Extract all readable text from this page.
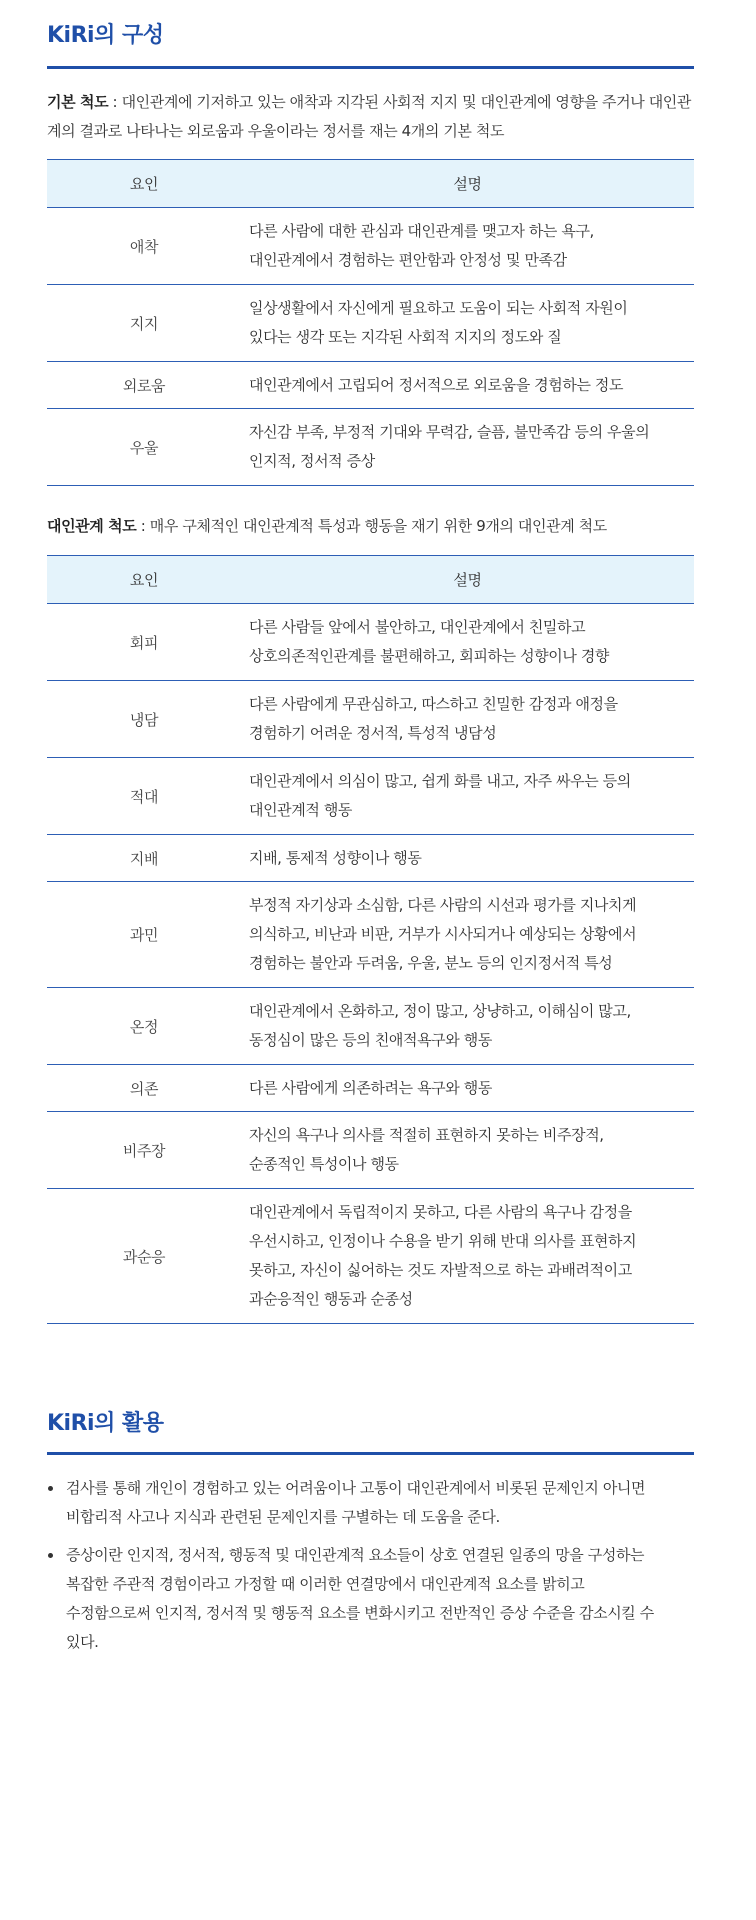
KiRi의 구성
기본 척도 : 대인관계에 기저하고 있는 애착과 지각된 사회적 지지 및 대인관계에 영향을 주거나 대인관계의 결과로 나타나는 외로움과 우울이라는 정서를 재는 4개의 기본 척도
요인	설명
애착	다른 사람에 대한 관심과 대인관계를 맺고자 하는 욕구,
대인관계에서 경험하는 편안함과 안정성 및 만족감

지지	일상생활에서 자신에게 필요하고 도움이 되는 사회적 자원이
있다는 생각 또는 지각된 사회적 지지의 정도와 질

외로움	대인관계에서 고립되어 정서적으로 외로움을 경험하는 정도

우울	자신감 부족, 부정적 기대와 무력감, 슬픔, 불만족감 등의 우울의
인지적, 정서적 증상
대인관계 척도 : 매우 구체적인 대인관계적 특성과 행동을 재기 위한 9개의 대인관계 척도
요인	설명
회피	다른 사람들 앞에서 불안하고, 대인관계에서 친밀하고
상호의존적인관계를 불편해하고, 회피하는 성향이나 경향

냉담	다른 사람에게 무관심하고, 따스하고 친밀한 감정과 애정을
경험하기 어려운 정서적, 특성적 냉담성

적대	대인관계에서 의심이 많고, 쉽게 화를 내고, 자주 싸우는 등의
대인관계적 행동

지배	지배, 통제적 성향이나 행동

과민	부정적 자기상과 소심함, 다른 사람의 시선과 평가를 지나치게
의식하고, 비난과 비판, 거부가 시사되거나 예상되는 상황에서
경험하는 불안과 두려움, 우울, 분노 등의 인지정서적 특성

온정	대인관계에서 온화하고, 정이 많고, 상냥하고, 이해심이 많고,
동정심이 많은 등의 친애적욕구와 행동

의존	다른 사람에게 의존하려는 욕구와 행동

비주장	자신의 욕구나 의사를 적절히 표현하지 못하는 비주장적,
순종적인 특성이나 행동

과순응	대인관계에서 독립적이지 못하고, 다른 사람의 욕구나 감정을
우선시하고, 인정이나 수용을 받기 위해 반대 의사를 표현하지
못하고, 자신이 싫어하는 것도 자발적으로 하는 과배려적이고
과순응적인 행동과 순종성
KiRi의 활용
검사를 통해 개인이 경험하고 있는 어려움이나 고통이 대인관계에서 비롯된 문제인지 아니면
비합리적 사고나 지식과 관련된 문제인지를 구별하는 데 도움을 준다.
증상이란 인지적, 정서적, 행동적 및 대인관계적 요소들이 상호 연결된 일종의 망을 구성하는
복잡한 주관적 경험이라고 가정할 때 이러한 연결망에서 대인관계적 요소를 밝히고
수정함으로써 인지적, 정서적 및 행동적 요소를 변화시키고 전반적인 증상 수준을 감소시킬 수
있다.
